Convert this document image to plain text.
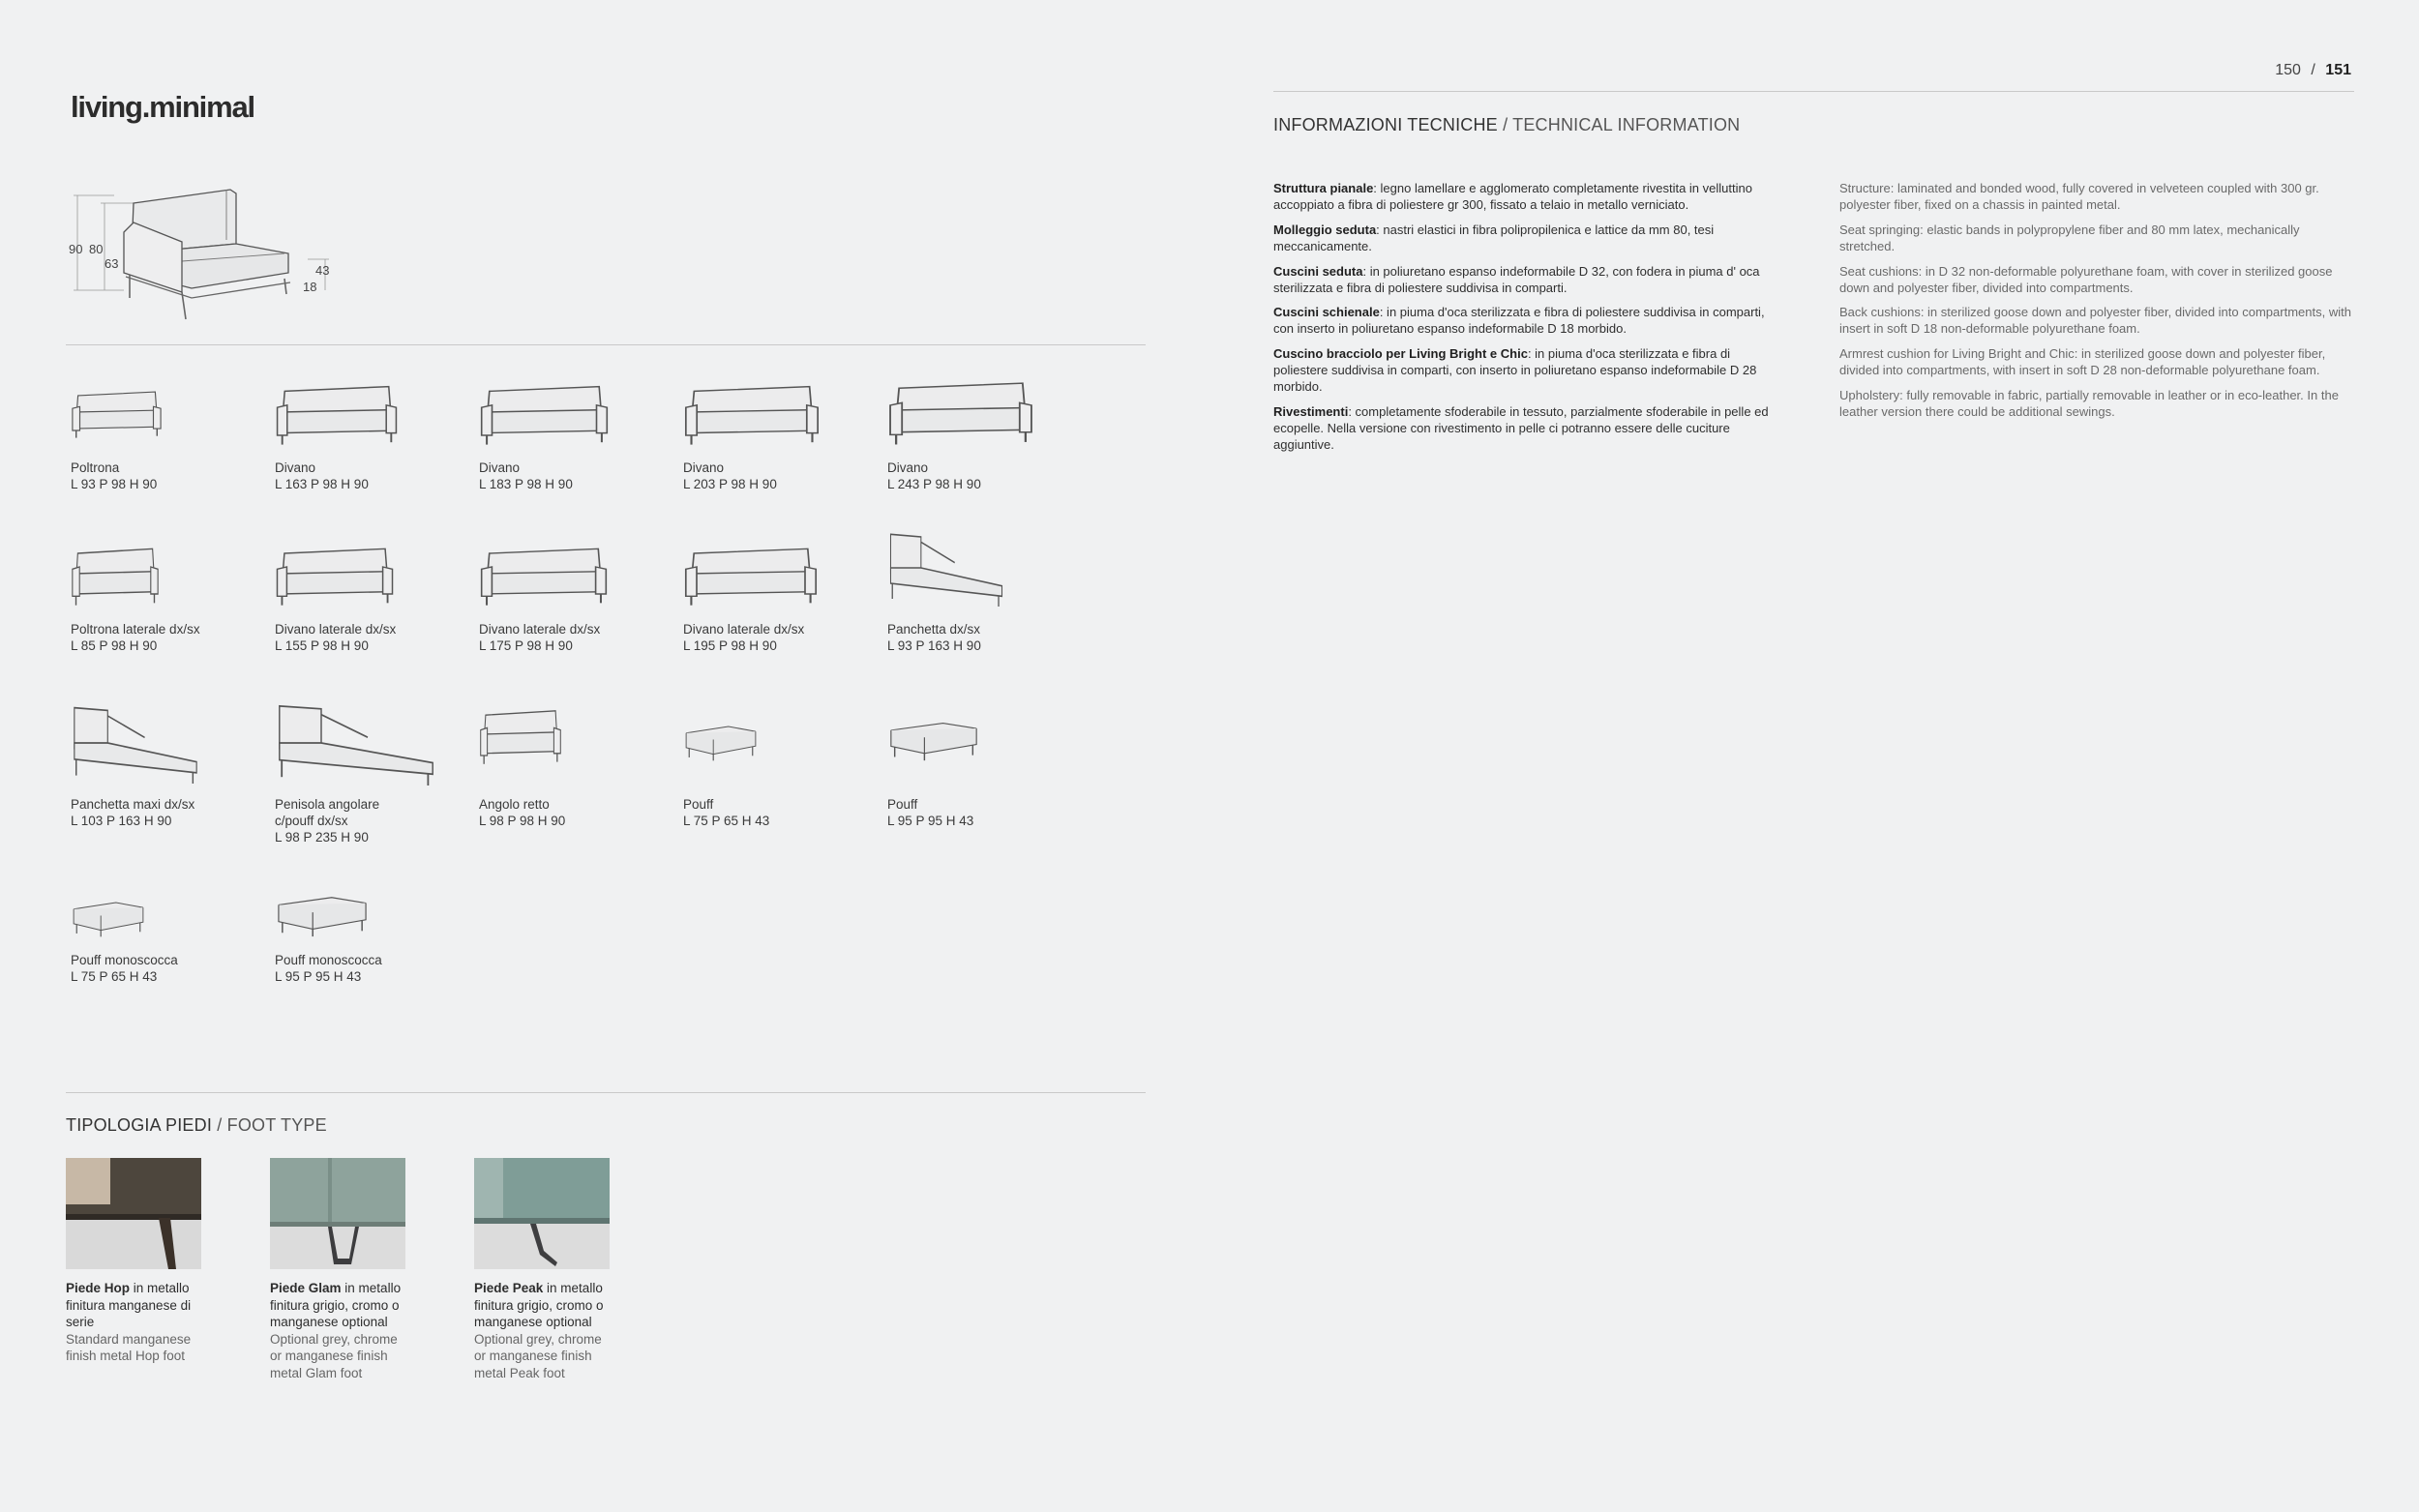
living.minimal
90 80
63	43
18
Poltrona
L 93 P 98 H 90
Divano
L 163 P 98 H 90
Divano
L 183 P 98 H 90
Divano
L 203 P 98 H 90
Divano
L 243 P 98 H 90
Poltrona laterale dx/sx
L 85 P 98 H 90
Divano laterale dx/sx
L 155 P 98 H 90
Divano laterale dx/sx
L 175 P 98 H 90
Divano laterale dx/sx
L 195 P 98 H 90
Panchetta dx/sx
L 93 P 163 H 90
Panchetta maxi dx/sx
L 103 P 163 H 90
Penisola angolare c/pouff dx/sx
L 98 P 235 H 90
Angolo retto
L 98 P 98 H 90
Pouff
L 75 P 65 H 43
Pouff
L 95 P 95 H 43
Pouff monoscocca
L 75 P 65 H 43
Pouff monoscocca
L 95 P 95 H 43
TIPOLOGIA PIEDI / FOOT TYPE
Piede Hop in metallo finitura manganese di serie
Standard manganese finish metal Hop foot
Piede Glam in metallo finitura grigio, cromo o manganese optional
Optional grey, chrome or manganese finish metal Glam foot
Piede Peak in metallo finitura grigio, cromo o manganese optional
Optional grey, chrome or manganese finish metal Peak foot
150 / 151
INFORMAZIONI TECNICHE / TECHNICAL INFORMATION

Struttura pianale: legno lamellare e agglomerato completamente rivestita in velluttino accoppiato a fibra di poliestere gr 300, fissato a telaio in metallo verniciato.

Molleggio seduta: nastri elastici in fibra polipropilenica e lattice da mm 80, tesi meccanicamente.

Cuscini seduta: in poliuretano espanso indeformabile D 32, con fodera in piuma d' oca sterilizzata e fibra di poliestere suddivisa in comparti.

Cuscini schienale: in piuma d'oca sterilizzata e fibra di poliestere suddivisa in comparti, con inserto in poliuretano espanso indeformabile D 18 morbido.

Cuscino bracciolo per Living Bright e Chic: in piuma d'oca sterilizzata e fibra di poliestere suddivisa in comparti, con inserto in poliuretano espanso indeformabile D 28 morbido.

Rivestimenti: completamente sfoderabile in tessuto, parzialmente sfoderabile in pelle ed ecopelle. Nella versione con rivestimento in pelle ci potranno essere delle cuciture aggiuntive.

Structure: laminated and bonded wood, fully covered in velveteen coupled with 300 gr. polyester fiber, fixed on a chassis in painted metal.

Seat springing: elastic bands in polypropylene fiber and 80 mm latex, mechanically stretched.

Seat cushions: in D 32 non-deformable polyurethane foam, with cover in sterilized goose down and polyester fiber, divided into compartments.

Back cushions: in sterilized goose down and polyester fiber, divided into compartments, with insert in soft D 18 non-deformable polyurethane foam.

Armrest cushion for Living Bright and Chic: in sterilized goose down and polyester fiber, divided into compartments, with insert in soft D 28 non-deformable polyurethane foam.

Upholstery: fully removable in fabric, partially removable in leather or in eco-leather. In the leather version there could be additional sewings.
